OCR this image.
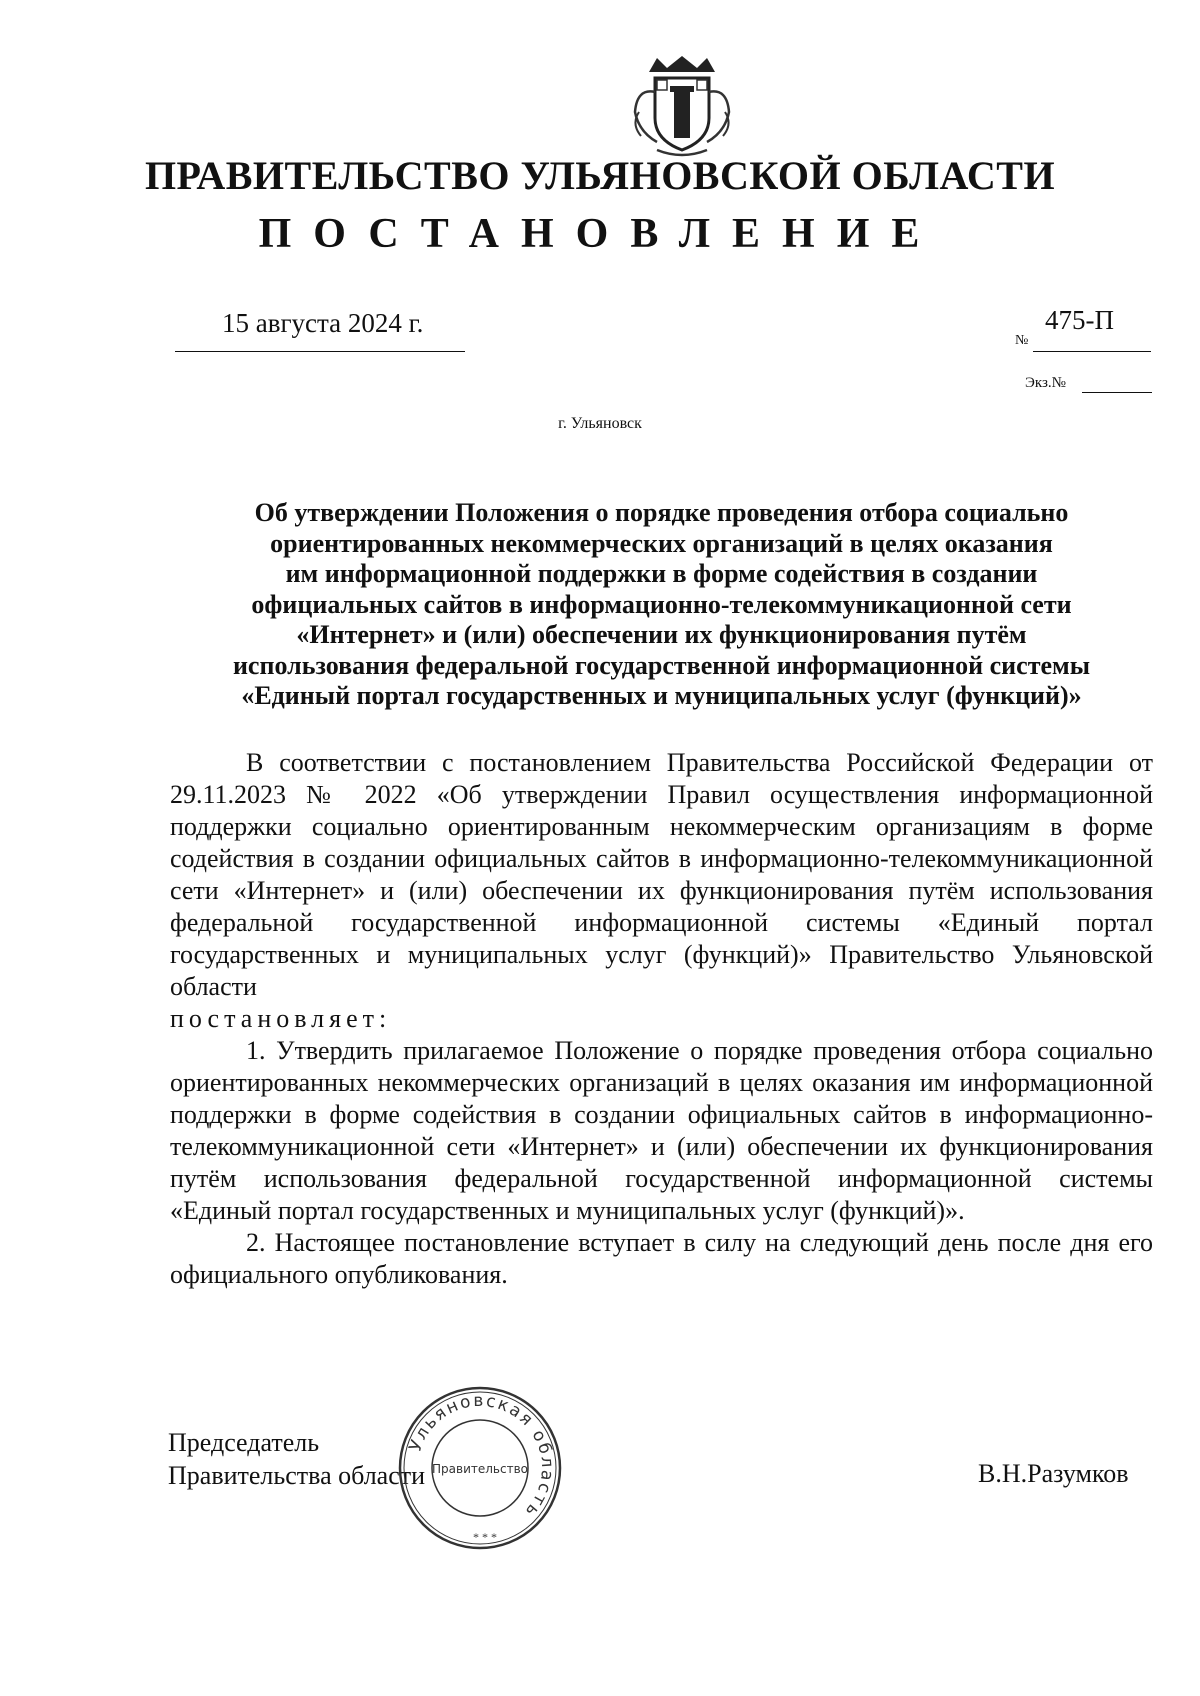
ПРАВИТЕЛЬСТВО УЛЬЯНОВСКОЙ ОБЛАСТИ
ПОСТАНОВЛЕНИЕ
15 августа 2024 г.
№
475-П
Экз.№
г. Ульяновск
Об утверждении Положения о порядке проведения отбора социально
ориентированных некоммерческих организаций в целях оказания
им информационной поддержки в форме содействия в создании
официальных сайтов в информационно-телекоммуникационной сети
«Интернет» и (или) обеспечении их функционирования путём
использования федеральной государственной информационной системы
«Единый портал государственных и муниципальных услуг (функций)»

В соответствии с постановлением Правительства Российской Федерации от 29.11.2023 № 2022 «Об утверждении Правил осуществления информационной поддержки социально ориентированным некоммерческим организациям в форме содействия в создании официальных сайтов в информационно-телекоммуникационной сети «Интернет» и (или) обеспечении их функционирования путём использования федеральной государственной информационной системы «Единый портал государственных и муниципальных услуг (функций)» Правительство Ульяновской области

постановляет:

1. Утвердить прилагаемое Положение о порядке проведения отбора социально ориентированных некоммерческих организаций в целях оказания им информационной поддержки в форме содействия в создании официальных сайтов в информационно-телекоммуникационной сети «Интернет» и (или) обеспечении их функционирования путём использования федеральной государственной информационной системы «Единый портал государственных и муниципальных услуг (функций)».

2. Настоящее постановление вступает в силу на следующий день после дня его официального опубликования.

Председатель
Правительства области	В.Н.Разумков
Ульяновская область
Правительство
* * *
